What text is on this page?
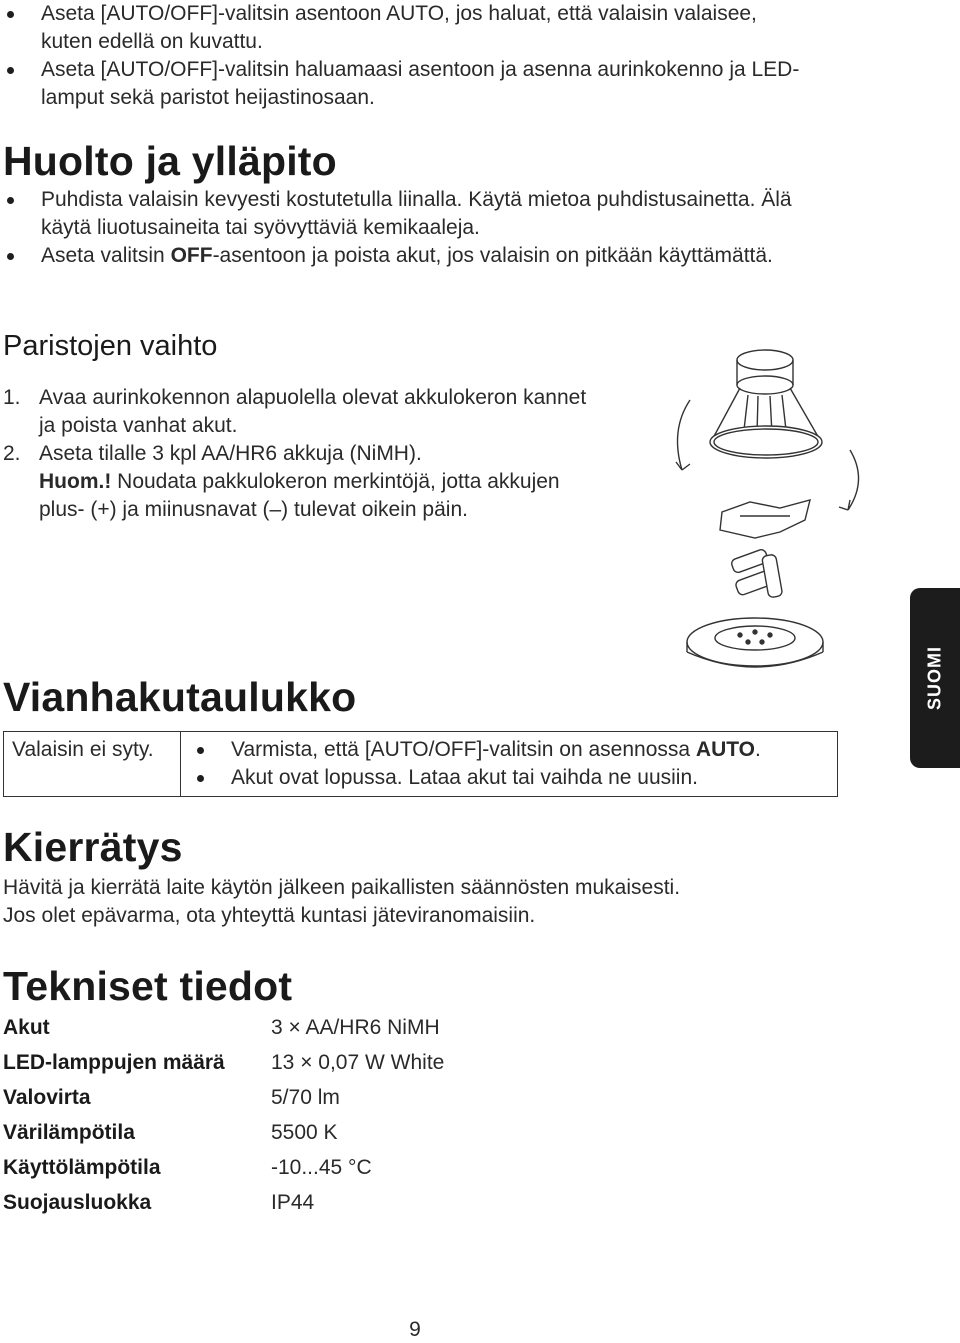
Aseta [AUTO/OFF]-valitsin asentoon AUTO, jos haluat, että valaisin valaisee, kuten edellä on kuvattu.
Aseta [AUTO/OFF]-valitsin haluamaasi asentoon ja asenna aurinkokenno ja LED-lamput sekä paristot heijastinosaan.
Huolto ja ylläpito
Puhdista valaisin kevyesti kostutetulla liinalla. Käytä mietoa puhdistusainetta. Älä käytä liuotusaineita tai syövyttäviä kemikaaleja.
Aseta valitsin OFF-asentoon ja poista akut, jos valaisin on pitkään käyttämättä.
Paristojen vaihto
1. Avaa aurinkokennon alapuolella olevat akkulokeron kannet ja poista vanhat akut.
2. Aseta tilalle 3 kpl AA/HR6 akkuja (NiMH).
Huom.! Noudata pakkulokeron merkintöjä, jotta akkujen plus- (+) ja miinusnavat (–) tulevat oikein päin.
SUOMI
Vianhakutaulukko
Valaisin ei syty.	Varmista, että [AUTO/OFF]-valitsin on asennossa AUTO.
Akut ovat lopussa. Lataa akut tai vaihda ne uusiin.
Kierrätys
Hävitä ja kierrätä laite käytön jälkeen paikallisten säännösten mukaisesti.
Jos olet epävarma, ota yhteyttä kuntasi jäteviranomaisiin.
Tekniset tiedot
Akut	3 × AA/HR6 NiMH
LED-lamppujen määrä	13 × 0,07 W White
Valovirta	5/70 lm
Värilämpötila	5500 K
Käyttölämpötila	-10...45 °C
Suojausluokka	IP44
9
